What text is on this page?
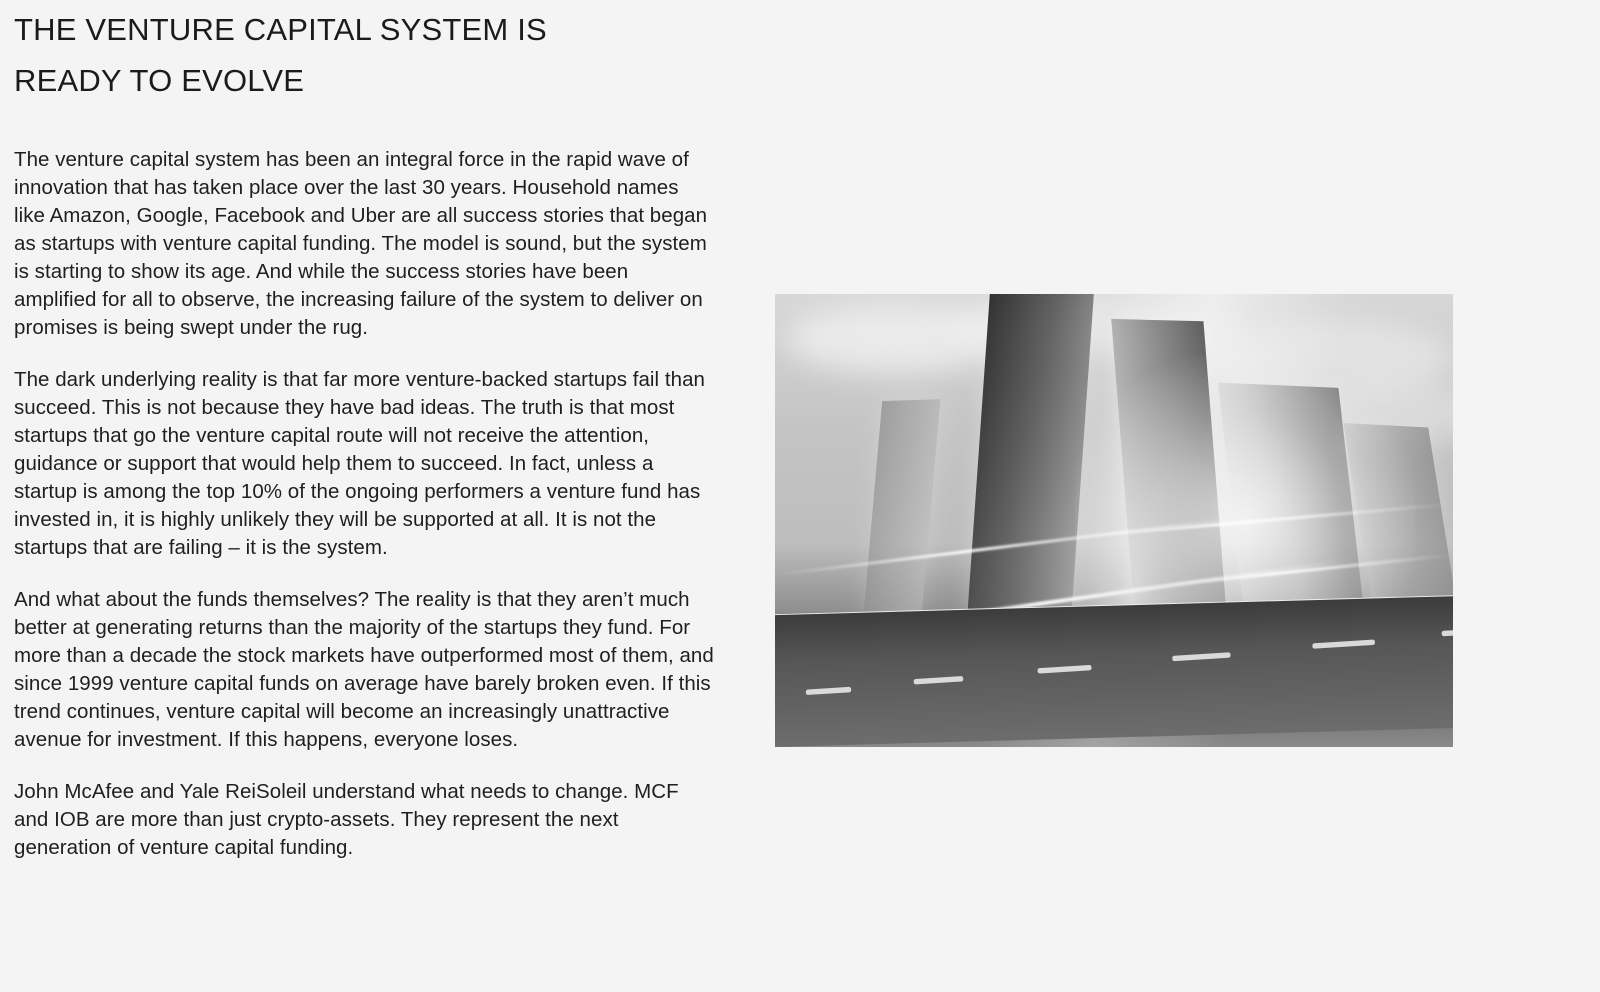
THE VENTURE CAPITAL SYSTEM IS
READY TO EVOLVE

The venture capital system has been an integral force in the rapid wave of innovation that has taken place over the last 30 years. Household names like Amazon, Google, Facebook and Uber are all success stories that began as startups with venture capital funding. The model is sound, but the system is starting to show its age. And while the success stories have been amplified for all to observe, the increasing failure of the system to deliver on promises is being swept under the rug.

The dark underlying reality is that far more venture-backed startups fail than succeed. This is not because they have bad ideas. The truth is that most startups that go the venture capital route will not receive the attention, guidance or support that would help them to succeed. In fact, unless a startup is among the top 10% of the ongoing performers a venture fund has invested in, it is highly unlikely they will be supported at all. It is not the startups that are failing – it is the system.

And what about the funds themselves? The reality is that they aren’t much better at generating returns than the majority of the startups they fund. For more than a decade the stock markets have outperformed most of them, and since 1999 venture capital funds on average have barely broken even. If this trend continues, venture capital will become an increasingly unattractive avenue for investment. If this happens, everyone loses.

John McAfee and Yale ReiSoleil understand what needs to change. MCF and IOB are more than just crypto-assets. They represent the next generation of venture capital funding.
